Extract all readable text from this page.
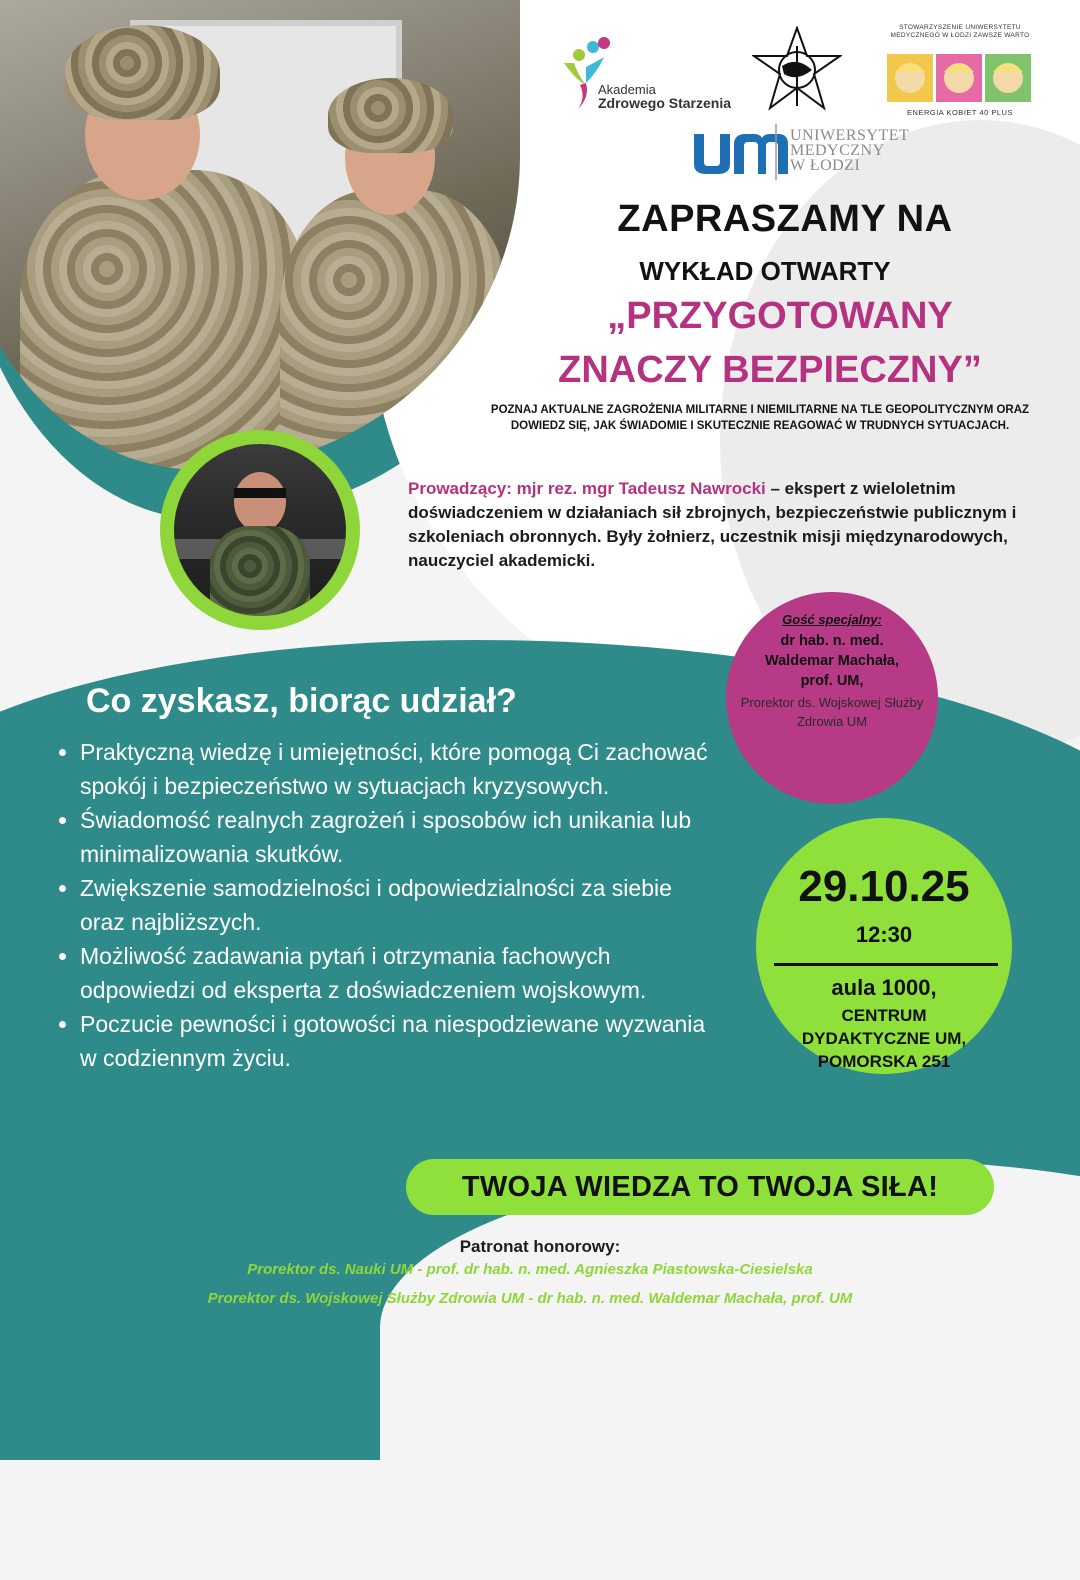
Akademia
Zdrowego Starzenia
STOWARZYSZENIE UNIWERSYTETU MEDYCZNEGO W ŁODZI ZAWSZE WARTO
ENERGIA KOBIET 40 PLUS
UNIWERSYTET
MEDYCZNY
W ŁODZI
ZAPRASZAMY NA
WYKŁAD OTWARTY
„PRZYGOTOWANY
ZNACZY BEZPIECZNY”
POZNAJ AKTUALNE ZAGROŻENIA MILITARNE I NIEMILITARNE NA TLE GEOPOLITYCZNYM ORAZ DOWIEDZ SIĘ, JAK ŚWIADOMIE I SKUTECZNIE REAGOWAĆ W TRUDNYCH SYTUACJACH.
Prowadzący: mjr rez. mgr Tadeusz Nawrocki – ekspert z wieloletnim doświadczeniem w działaniach sił zbrojnych, bezpieczeństwie publicznym i szkoleniach obronnych. Były żołnierz, uczestnik misji międzynarodowych, nauczyciel akademicki.
Gość specjalny:
dr hab. n. med.
Waldemar Machała,
prof. UM,
Prorektor ds. Wojskowej Służby Zdrowia UM
Co zyskasz, biorąc udział?
• Praktyczną wiedzę i umiejętności, które pomogą Ci zachować spokój i bezpieczeństwo w sytuacjach kryzysowych.
• Świadomość realnych zagrożeń i sposobów ich unikania lub minimalizowania skutków.
• Zwiększenie samodzielności i odpowiedzialności za siebie oraz najbliższych.
• Możliwość zadawania pytań i otrzymania fachowych odpowiedzi od eksperta z doświadczeniem wojskowym.
• Poczucie pewności i gotowości na niespodziewane wyzwania w codziennym życiu.
29.10.25
12:30
aula 1000,
CENTRUM
DYDAKTYCZNE UM,
POMORSKA 251
TWOJA WIEDZA TO TWOJA SIŁA!
Patronat honorowy:
Prorektor ds. Nauki UM - prof. dr hab. n. med. Agnieszka Piastowska-Ciesielska
Prorektor ds. Wojskowej Służby Zdrowia UM - dr hab. n. med. Waldemar Machała, prof. UM
